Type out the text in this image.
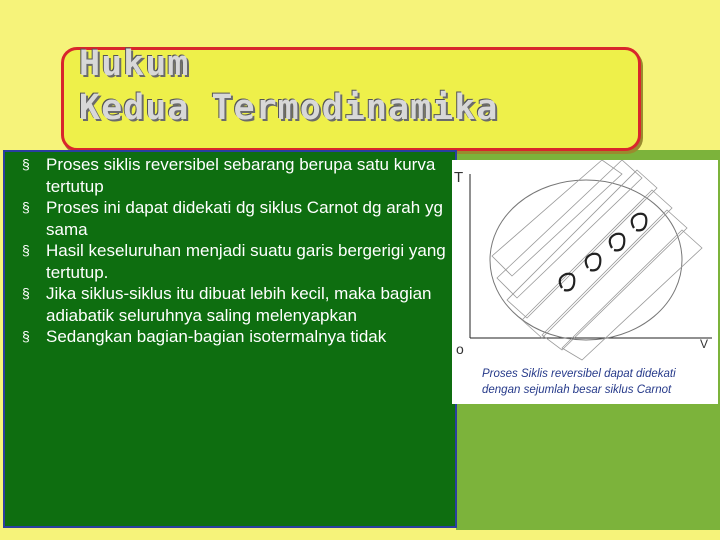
Hukum
Kedua Termodinamika
§ Proses siklis reversibel sebarang berupa satu kurva tertutup
§ Proses ini dapat didekati dg siklus Carnot dg arah yg sama
§ Hasil keseluruhan menjadi suatu garis bergerigi yang tertutup.
§ Jika siklus-siklus itu dibuat lebih kecil, maka bagian adiabatik seluruhnya saling melenyapkan
§ Sedangkan bagian-bagian isotermalnya tidak
T
V
o
Proses Siklis reversibel dapat didekati
dengan sejumlah besar siklus Carnot
